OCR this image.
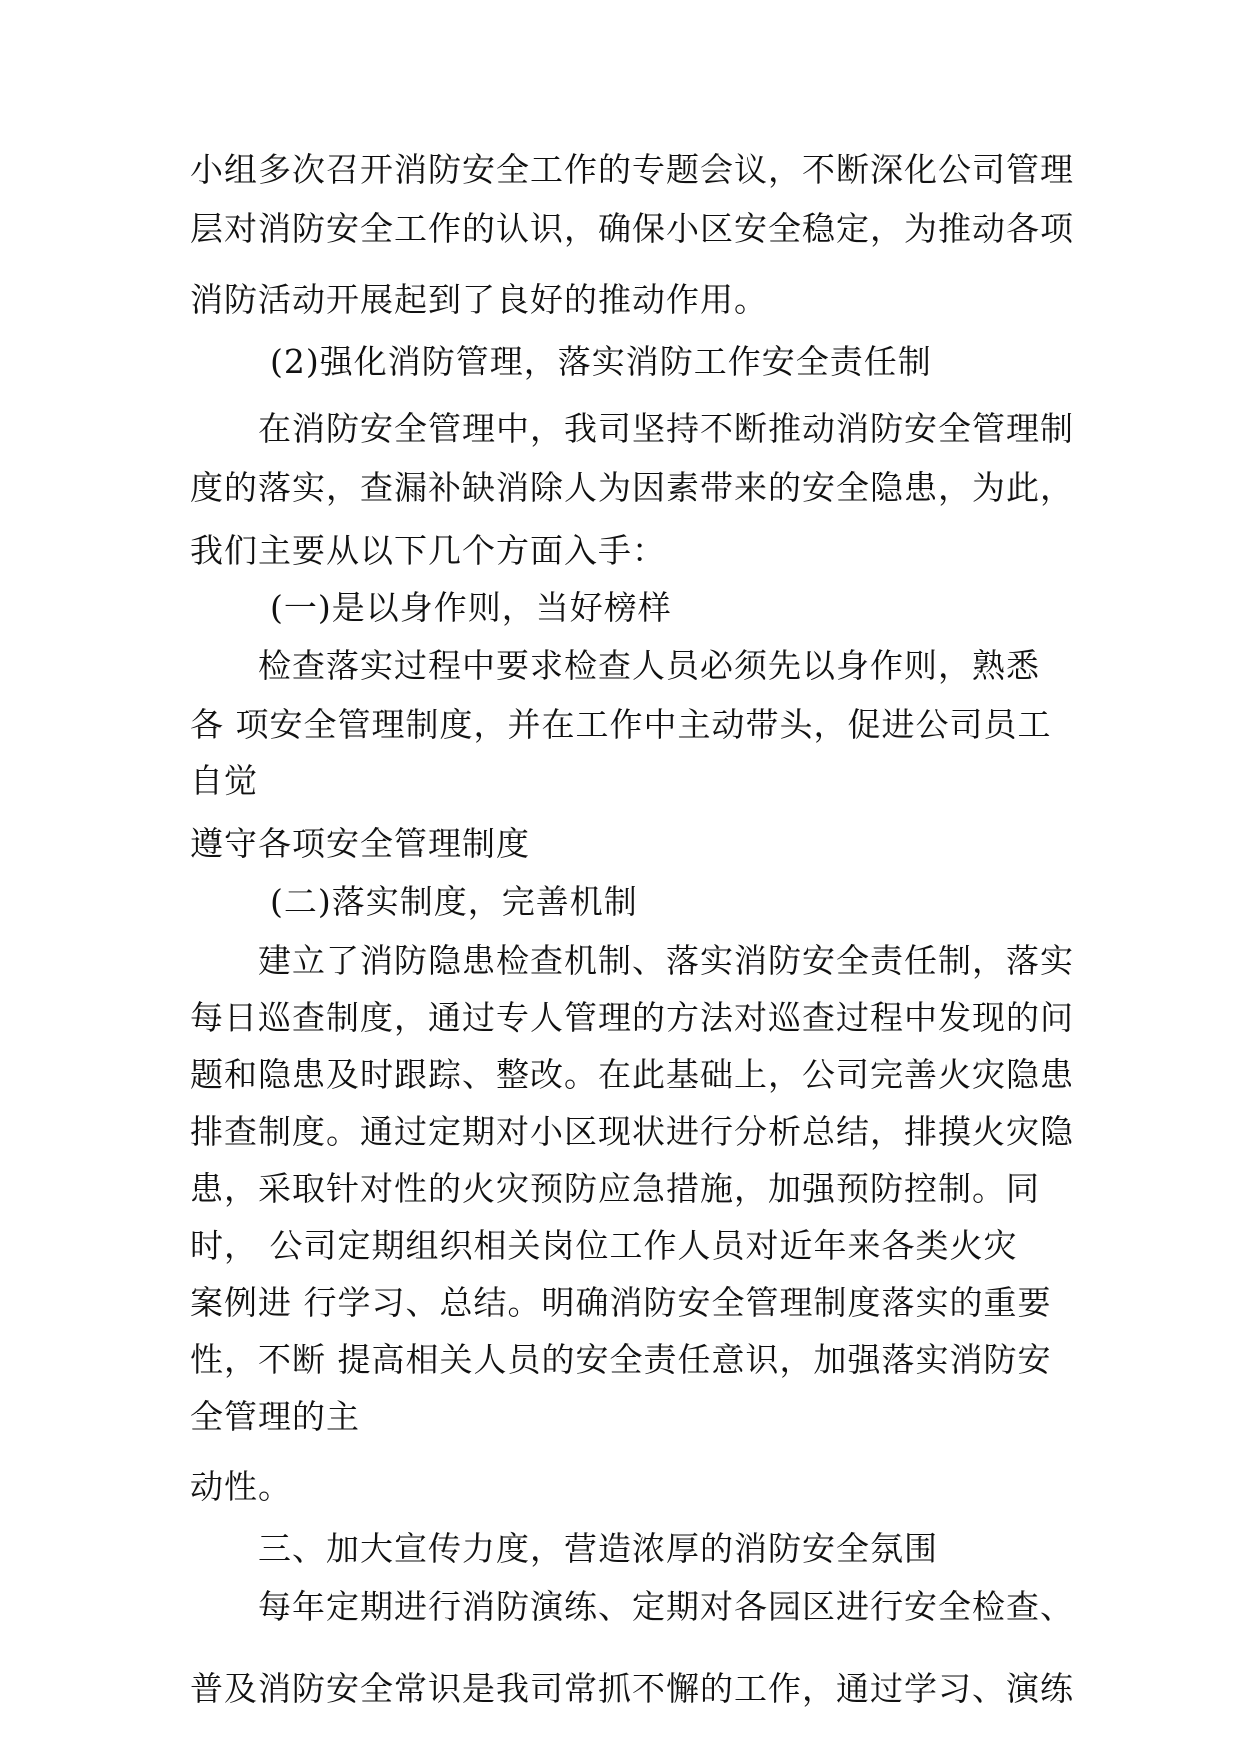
小组多次召开消防安全工作的专题会议，不断深化公司管理
层对消防安全工作的认识，确保小区安全稳定，为推动各项
消防活动开展起到了良好的推动作用。
(2)强化消防管理，落实消防工作安全责任制
在消防安全管理中，我司坚持不断推动消防安全管理制
度的落实，查漏补缺消除人为因素带来的安全隐患，为此，
我们主要从以下几个方面入手：
(一)是以身作则，当好榜样
检查落实过程中要求检查人员必须先以身作则，熟悉
各 项安全管理制度，并在工作中主动带头，促进公司员工
自觉
遵守各项安全管理制度
(二)落实制度，完善机制
建立了消防隐患检查机制、落实消防安全责任制，落实
每日巡查制度，通过专人管理的方法对巡查过程中发现的问
题和隐患及时跟踪、整改。在此基础上，公司完善火灾隐患
排查制度。通过定期对小区现状进行分析总结，排摸火灾隐
患，采取针对性的火灾预防应急措施，加强预防控制。同
时， 公司定期组织相关岗位工作人员对近年来各类火灾
案例进 行学习、总结。明确消防安全管理制度落实的重要
性，不断 提高相关人员的安全责任意识，加强落实消防安
全管理的主
动性。
三、加大宣传力度，营造浓厚的消防安全氛围
每年定期进行消防演练、定期对各园区进行安全检查、
普及消防安全常识是我司常抓不懈的工作，通过学习、演练
